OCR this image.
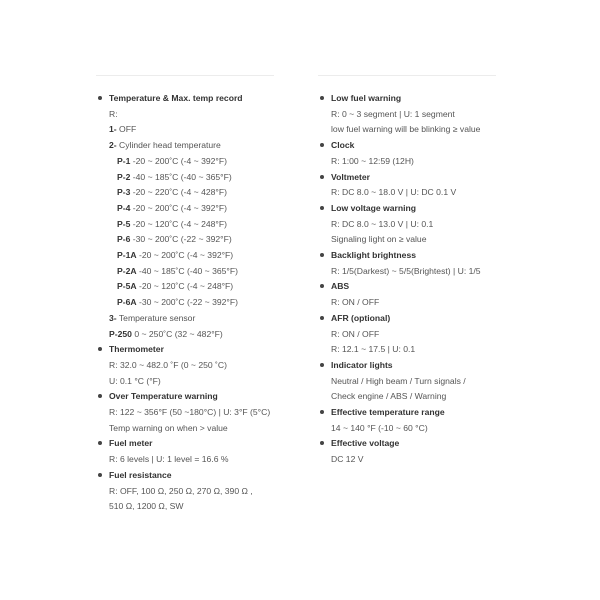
Temperature & Max. temp record
R:
1- OFF
2- Cylinder head temperature
P-1 -20 ~ 200˚C (-4 ~ 392°F)
P-2 -40 ~ 185˚C (-40 ~ 365°F)
P-3 -20 ~ 220˚C (-4 ~ 428°F)
P-4 -20 ~ 200˚C (-4 ~ 392°F)
P-5 -20 ~ 120˚C (-4 ~ 248°F)
P-6 -30 ~ 200˚C (-22 ~ 392°F)
P-1A -20 ~ 200˚C (-4 ~ 392°F)
P-2A -40 ~ 185˚C (-40 ~ 365°F)
P-5A -20 ~ 120˚C (-4 ~ 248°F)
P-6A -30 ~ 200˚C (-22 ~ 392°F)
3- Temperature sensor
P-250 0 ~ 250˚C (32 ~ 482°F)
Thermometer
R: 32.0 ~ 482.0 ˚F (0 ~ 250 ˚C)
U: 0.1 °C (°F)
Over Temperature warning
R: 122 ~ 356°F (50 ~180°C) | U: 3°F (5°C)
Temp warning on when > value
Fuel meter
R: 6 levels | U: 1 level = 16.6 %
Fuel resistance
R: OFF, 100 Ω, 250 Ω, 270 Ω, 390 Ω ,
510 Ω, 1200 Ω, SW
Low fuel warning
R: 0 ~ 3 segment | U: 1 segment
low fuel warning will be blinking ≥ value
Clock
R: 1:00 ~ 12:59 (12H)
Voltmeter
R: DC 8.0 ~ 18.0 V | U: DC 0.1 V
Low voltage warning
R: DC 8.0 ~ 13.0 V | U: 0.1
Signaling light on ≥ value
Backlight brightness
R: 1/5(Darkest) ~ 5/5(Brightest) | U: 1/5
ABS
R: ON / OFF
AFR (optional)
R: ON / OFF
R: 12.1 ~ 17.5 | U: 0.1
Indicator lights
Neutral / High beam / Turn signals /
Check engine / ABS / Warning
Effective temperature range
14 ~ 140 °F (-10 ~ 60 °C)
Effective voltage
DC 12 V
